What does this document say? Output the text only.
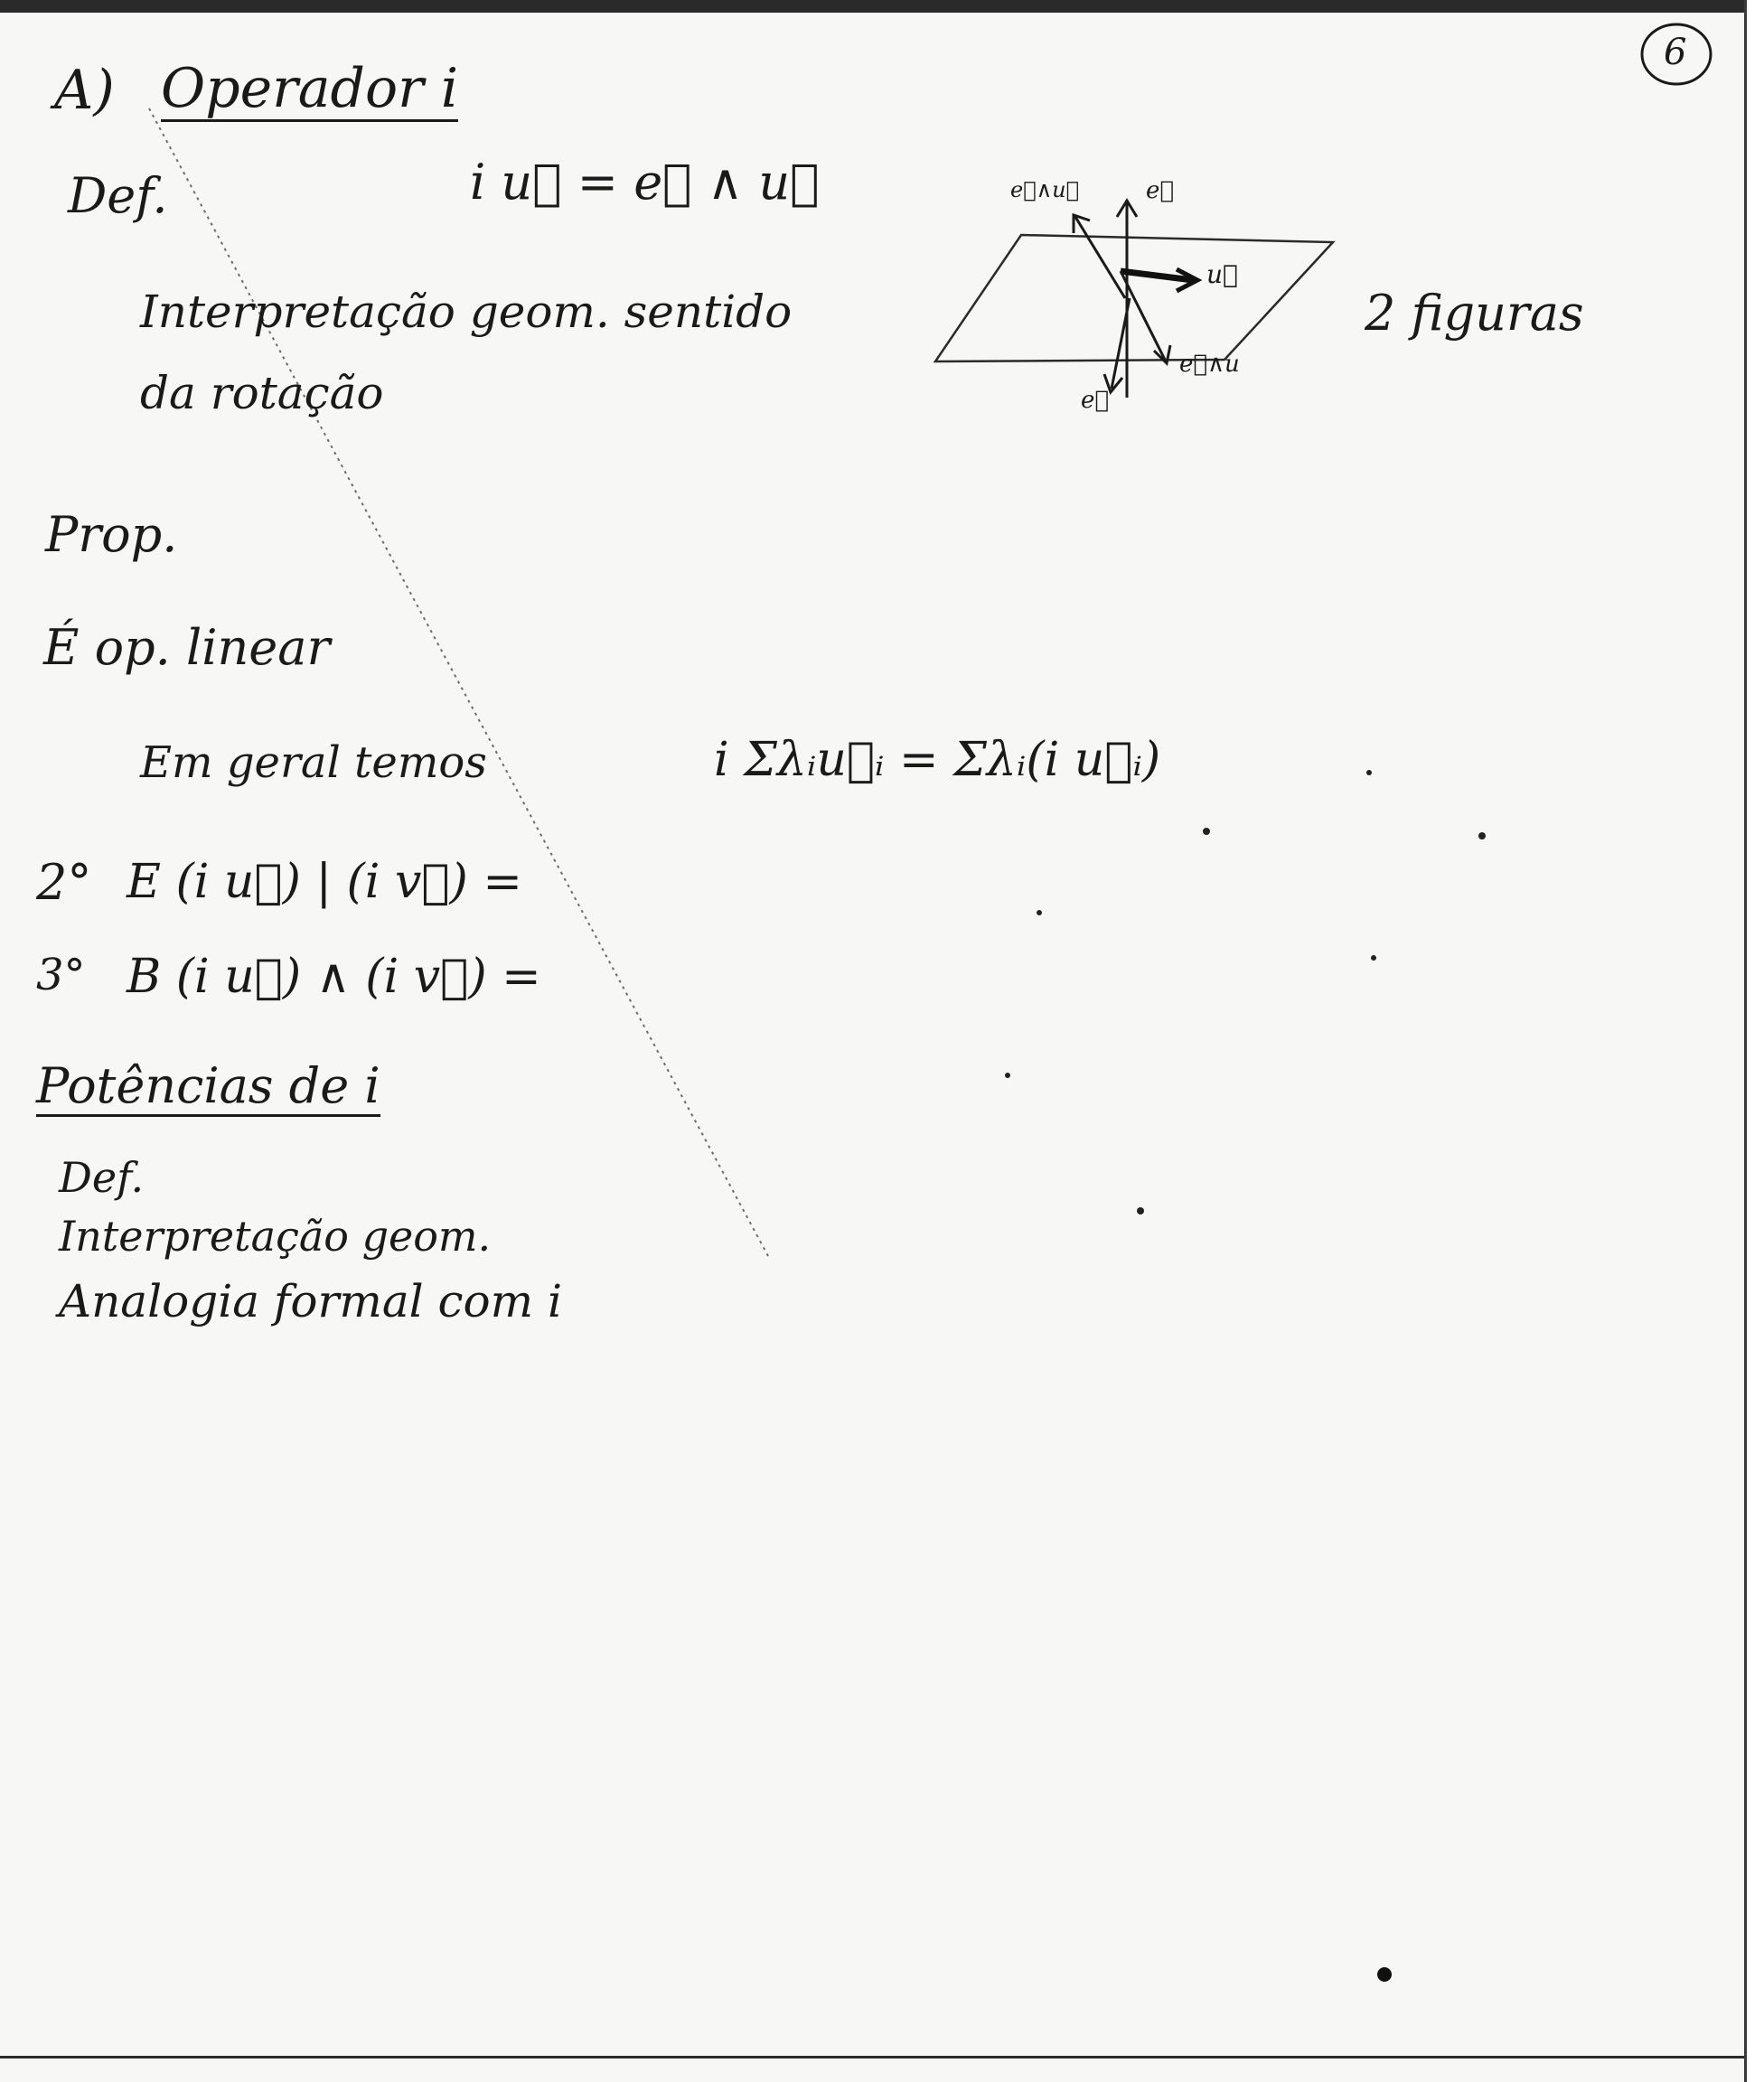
6
A) Operador i
Def.	i u⃗ = e⃗ ∧ u⃗
Interpretação geom. sentido
da rotação
e⃗∧u⃗	e⃗
u⃗
e⃗∧u
e⃗
2 figuras
Prop.
É op. linear
Em geral temos	i Σλᵢu⃗ᵢ = Σλᵢ(i u⃗ᵢ)
2° E (i u⃗) | (i v⃗) =
3° B (i u⃗) ∧ (i v⃗) =
Potências de i
Def.
Interpretação geom.
Analogia formal com i
